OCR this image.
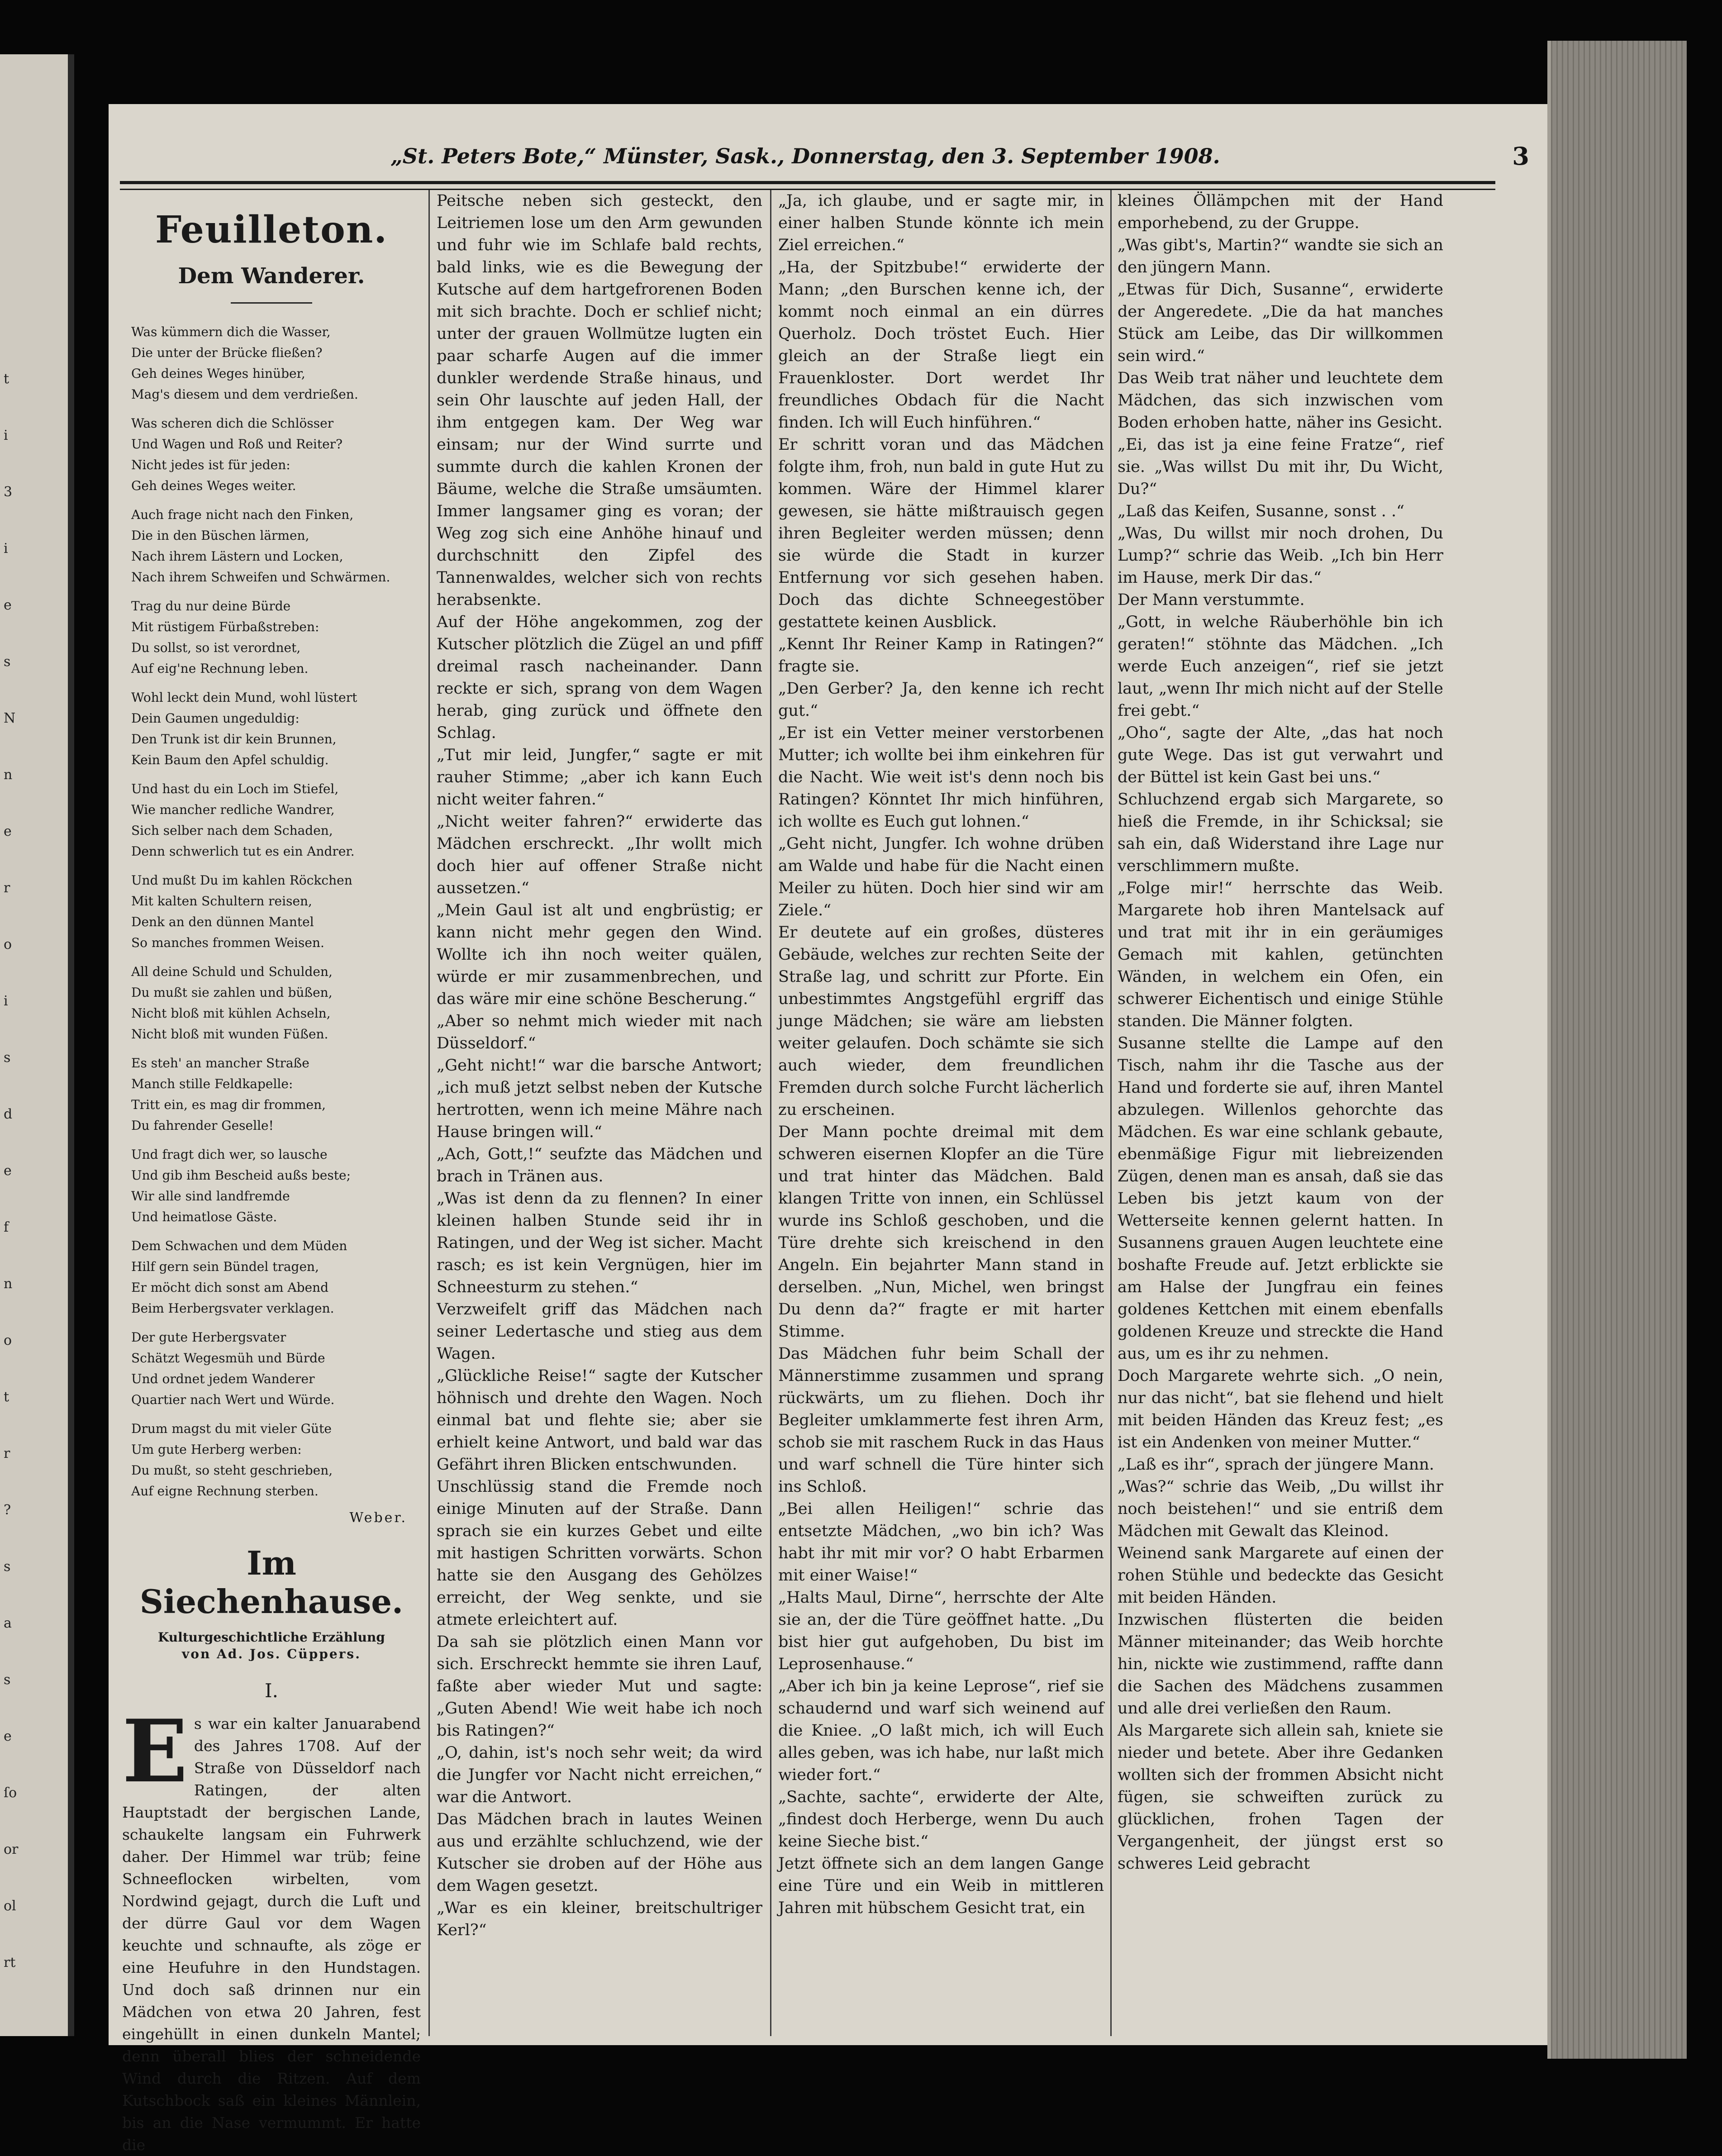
t
i
3
i
e
s
N
n
e
r
o
i
s
d
e
f
n
o
t
r
?
s
a
s
e
ſo
or
ol
rt
„St. Peters Bote,“ Münster, Sask., Donnerstag, den 3. September 1908.	3
Feuilleton.
Dem Wanderer.
Was kümmern dich die Wasser,
Die unter der Brücke fließen?
Geh deines Weges hinüber,
Mag's diesem und dem verdrießen.
Was scheren dich die Schlösser
Und Wagen und Roß und Reiter?
Nicht jedes ist für jeden:
Geh deines Weges weiter.
Auch frage nicht nach den Finken,
Die in den Büschen lärmen,
Nach ihrem Lästern und Locken,
Nach ihrem Schweifen und Schwärmen.
Trag du nur deine Bürde
Mit rüstigem Fürbaßstreben:
Du sollst, so ist verordnet,
Auf eig'ne Rechnung leben.
Wohl leckt dein Mund, wohl lüstert
Dein Gaumen ungeduldig:
Den Trunk ist dir kein Brunnen,
Kein Baum den Apfel schuldig.
Und hast du ein Loch im Stiefel,
Wie mancher redliche Wandrer,
Sich selber nach dem Schaden,
Denn schwerlich tut es ein Andrer.
Und mußt Du im kahlen Röckchen
Mit kalten Schultern reisen,
Denk an den dünnen Mantel
So manches frommen Weisen.
All deine Schuld und Schulden,
Du mußt sie zahlen und büßen,
Nicht bloß mit kühlen Achseln,
Nicht bloß mit wunden Füßen.
Es steh' an mancher Straße
Manch stille Feldkapelle:
Tritt ein, es mag dir frommen,
Du fahrender Geselle!
Und fragt dich wer, so lausche
Und gib ihm Bescheid außs beste;
Wir alle sind landfremde
Und heimatlose Gäste.
Dem Schwachen und dem Müden
Hilf gern sein Bündel tragen,
Er möcht dich sonst am Abend
Beim Herbergsvater verklagen.
Der gute Herbergsvater
Schätzt Wegesmüh und Bürde
Und ordnet jedem Wanderer
Quartier nach Wert und Würde.
Drum magst du mit vieler Güte
Um gute Herberg werben:
Du mußt, so steht geschrieben,
Auf eigne Rechnung sterben.
Weber.
Im Siechenhause.
Kulturgeschichtliche Erzählung
von Ad. Jos. Cüppers.
I.
E s war ein kalter Januarabend des Jahres 1708. Auf der Straße von Düsseldorf nach Ratingen, der alten Hauptstadt der bergischen Lande, schaukelte langsam ein Fuhrwerk daher. Der Himmel war trüb; feine Schneeflocken wirbelten, vom Nordwind gejagt, durch die Luft und der dürre Gaul vor dem Wagen keuchte und schnaufte, als zöge er eine Heufuhre in den Hundstagen. Und doch saß drinnen nur ein Mädchen von etwa 20 Jahren, fest eingehüllt in einen dunkeln Mantel; denn überall blies der schneidende Wind durch die Ritzen. Auf dem Kutschbock saß ein kleines Männlein, bis an die Nase vermummt. Er hatte die

Peitsche neben sich gesteckt, den Leitriemen lose um den Arm gewunden und fuhr wie im Schlafe bald rechts, bald links, wie es die Bewegung der Kutsche auf dem hartgefrorenen Boden mit sich brachte. Doch er schlief nicht; unter der grauen Wollmütze lugten ein paar scharfe Augen auf die immer dunkler werdende Straße hinaus, und sein Ohr lauschte auf jeden Hall, der ihm entgegen kam. Der Weg war einsam; nur der Wind surrte und summte durch die kahlen Kronen der Bäume, welche die Straße umsäumten. Immer langsamer ging es voran; der Weg zog sich eine Anhöhe hinauf und durchschnitt den Zipfel des Tannenwaldes, welcher sich von rechts herabsenkte.
Auf der Höhe angekommen, zog der Kutscher plötzlich die Zügel an und pfiff dreimal rasch nacheinander. Dann reckte er sich, sprang von dem Wagen herab, ging zurück und öffnete den Schlag.
„Tut mir leid, Jungfer,“ sagte er mit rauher Stimme; „aber ich kann Euch nicht weiter fahren.“
„Nicht weiter fahren?“ erwiderte das Mädchen erschreckt. „Ihr wollt mich doch hier auf offener Straße nicht aussetzen.“
„Mein Gaul ist alt und engbrüstig; er kann nicht mehr gegen den Wind. Wollte ich ihn noch weiter quälen, würde er mir zusammenbrechen, und das wäre mir eine schöne Bescherung.“
„Aber so nehmt mich wieder mit nach Düsseldorf.“
„Geht nicht!“ war die barsche Antwort; „ich muß jetzt selbst neben der Kutsche hertrotten, wenn ich meine Mähre nach Hause bringen will.“
„Ach, Gott,!“ seufzte das Mädchen und brach in Tränen aus.
„Was ist denn da zu flennen? In einer kleinen halben Stunde seid ihr in Ratingen, und der Weg ist sicher. Macht rasch; es ist kein Vergnügen, hier im Schneesturm zu stehen.“
Verzweifelt griff das Mädchen nach seiner Ledertasche und stieg aus dem Wagen.
„Glückliche Reise!“ sagte der Kutscher höhnisch und drehte den Wagen. Noch einmal bat und flehte sie; aber sie erhielt keine Antwort, und bald war das Gefährt ihren Blicken entschwunden.
Unschlüssig stand die Fremde noch einige Minuten auf der Straße. Dann sprach sie ein kurzes Gebet und eilte mit hastigen Schritten vorwärts. Schon hatte sie den Ausgang des Gehölzes erreicht, der Weg senkte, und sie atmete erleichtert auf.
Da sah sie plötzlich einen Mann vor sich. Erschreckt hemmte sie ihren Lauf, faßte aber wieder Mut und sagte: „Guten Abend! Wie weit habe ich noch bis Ratingen?“
„O, dahin, ist's noch sehr weit; da wird die Jungfer vor Nacht nicht erreichen,“ war die Antwort.
Das Mädchen brach in lautes Weinen aus und erzählte schluchzend, wie der Kutscher sie droben auf der Höhe aus dem Wagen gesetzt.
„War es ein kleiner, breitschultriger Kerl?“

„Ja, ich glaube, und er sagte mir, in einer halben Stunde könnte ich mein Ziel erreichen.“
„Ha, der Spitzbube!“ erwiderte der Mann; „den Burschen kenne ich, der kommt noch einmal an ein dürres Querholz. Doch tröstet Euch. Hier gleich an der Straße liegt ein Frauenkloster. Dort werdet Ihr freundliches Obdach für die Nacht finden. Ich will Euch hinführen.“
Er schritt voran und das Mädchen folgte ihm, froh, nun bald in gute Hut zu kommen. Wäre der Himmel klarer gewesen, sie hätte mißtrauisch gegen ihren Begleiter werden müssen; denn sie würde die Stadt in kurzer Entfernung vor sich gesehen haben. Doch das dichte Schneegestöber gestattete keinen Ausblick.
„Kennt Ihr Reiner Kamp in Ratingen?“ fragte sie.
„Den Gerber? Ja, den kenne ich recht gut.“
„Er ist ein Vetter meiner verstorbenen Mutter; ich wollte bei ihm einkehren für die Nacht. Wie weit ist's denn noch bis Ratingen? Könntet Ihr mich hinführen, ich wollte es Euch gut lohnen.“
„Geht nicht, Jungfer. Ich wohne drüben am Walde und habe für die Nacht einen Meiler zu hüten. Doch hier sind wir am Ziele.“
Er deutete auf ein großes, düsteres Gebäude, welches zur rechten Seite der Straße lag, und schritt zur Pforte. Ein unbestimmtes Angstgefühl ergriff das junge Mädchen; sie wäre am liebsten weiter gelaufen. Doch schämte sie sich auch wieder, dem freundlichen Fremden durch solche Furcht lächerlich zu erscheinen.
Der Mann pochte dreimal mit dem schweren eisernen Klopfer an die Türe und trat hinter das Mädchen. Bald klangen Tritte von innen, ein Schlüssel wurde ins Schloß geschoben, und die Türe drehte sich kreischend in den Angeln. Ein bejahrter Mann stand in derselben. „Nun, Michel, wen bringst Du denn da?“ fragte er mit harter Stimme.
Das Mädchen fuhr beim Schall der Männerstimme zusammen und sprang rückwärts, um zu fliehen. Doch ihr Begleiter umklammerte fest ihren Arm, schob sie mit raschem Ruck in das Haus und warf schnell die Türe hinter sich ins Schloß.
„Bei allen Heiligen!“ schrie das entsetzte Mädchen, „wo bin ich? Was habt ihr mit mir vor? O habt Erbarmen mit einer Waise!“
„Halts Maul, Dirne“, herrschte der Alte sie an, der die Türe geöffnet hatte. „Du bist hier gut aufgehoben, Du bist im Leprosenhause.“
„Aber ich bin ja keine Leprose“, rief sie schaudernd und warf sich weinend auf die Kniee. „O laßt mich, ich will Euch alles geben, was ich habe, nur laßt mich wieder fort.“
„Sachte, sachte“, erwiderte der Alte, „findest doch Herberge, wenn Du auch keine Sieche bist.“
Jetzt öffnete sich an dem langen Gange eine Türe und ein Weib in mittleren Jahren mit hübschem Gesicht trat, ein

kleines Öllämpchen mit der Hand emporhebend, zu der Gruppe.
„Was gibt's, Martin?“ wandte sie sich an den jüngern Mann.
„Etwas für Dich, Susanne“, erwiderte der Angeredete. „Die da hat manches Stück am Leibe, das Dir willkommen sein wird.“
Das Weib trat näher und leuchtete dem Mädchen, das sich inzwischen vom Boden erhoben hatte, näher ins Gesicht.
„Ei, das ist ja eine feine Fratze“, rief sie. „Was willst Du mit ihr, Du Wicht, Du?“
„Laß das Keifen, Susanne, sonst . .“
„Was, Du willst mir noch drohen, Du Lump?“ schrie das Weib. „Ich bin Herr im Hause, merk Dir das.“
Der Mann verstummte.
„Gott, in welche Räuberhöhle bin ich geraten!“ stöhnte das Mädchen. „Ich werde Euch anzeigen“, rief sie jetzt laut, „wenn Ihr mich nicht auf der Stelle frei gebt.“
„Oho“, sagte der Alte, „das hat noch gute Wege. Das ist gut verwahrt und der Büttel ist kein Gast bei uns.“
Schluchzend ergab sich Margarete, so hieß die Fremde, in ihr Schicksal; sie sah ein, daß Widerstand ihre Lage nur verschlimmern mußte.
„Folge mir!“ herrschte das Weib. Margarete hob ihren Mantelsack auf und trat mit ihr in ein geräumiges Gemach mit kahlen, getünchten Wänden, in welchem ein Ofen, ein schwerer Eichentisch und einige Stühle standen. Die Männer folgten.
Susanne stellte die Lampe auf den Tisch, nahm ihr die Tasche aus der Hand und forderte sie auf, ihren Mantel abzulegen. Willenlos gehorchte das Mädchen. Es war eine schlank gebaute, ebenmäßige Figur mit liebreizenden Zügen, denen man es ansah, daß sie das Leben bis jetzt kaum von der Wetterseite kennen gelernt hatten. In Susannens grauen Augen leuchtete eine boshafte Freude auf. Jetzt erblickte sie am Halse der Jungfrau ein feines goldenes Kettchen mit einem ebenfalls goldenen Kreuze und streckte die Hand aus, um es ihr zu nehmen.
Doch Margarete wehrte sich. „O nein, nur das nicht“, bat sie flehend und hielt mit beiden Händen das Kreuz fest; „es ist ein Andenken von meiner Mutter.“
„Laß es ihr“, sprach der jüngere Mann.
„Was?“ schrie das Weib, „Du willst ihr noch beistehen!“ und sie entriß dem Mädchen mit Gewalt das Kleinod.
Weinend sank Margarete auf einen der rohen Stühle und bedeckte das Gesicht mit beiden Händen.
Inzwischen flüsterten die beiden Männer miteinander; das Weib horchte hin, nickte wie zustimmend, raffte dann die Sachen des Mädchens zusammen und alle drei verließen den Raum.
Als Margarete sich allein sah, kniete sie nieder und betete. Aber ihre Gedanken wollten sich der frommen Absicht nicht fügen, sie schweiften zurück zu glücklichen, frohen Tagen der Vergangenheit, der jüngst erst so schweres Leid gebracht
